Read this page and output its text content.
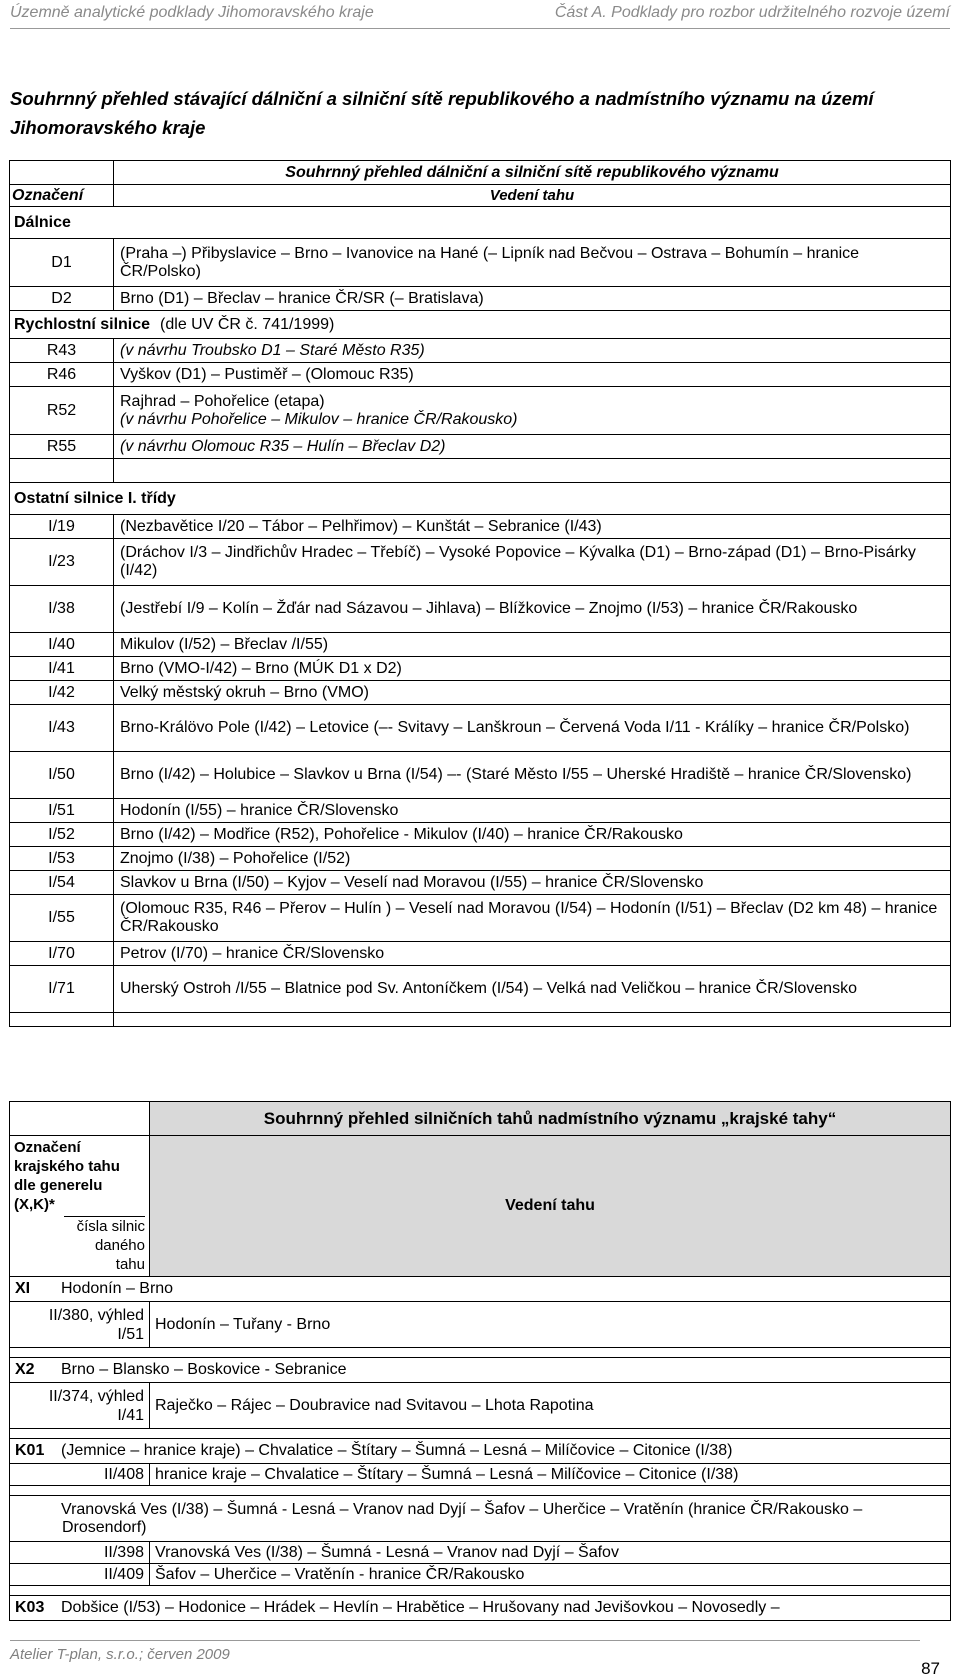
Územně analytické podklady Jihomoravského kraje	Část A. Podklady pro rozbor udržitelného rozvoje území
Souhrnný přehled stávající dálniční a silniční sítě republikového a nadmístního významu na území Jihomoravského kraje
	Souhrnný přehled dálniční a silniční sítě republikového významu
Označení	Vedení tahu
Dálnice	
D1	(Praha –) Přibyslavice – Brno – Ivanovice na Hané (– Lipník nad Bečvou – Ostrava – Bohumín – hranice ČR/Polsko)
D2	Brno (D1) – Břeclav – hranice ČR/SR (– Bratislava)
Rychlostní silnice (dle UV ČR č. 741/1999)	
R43	(v návrhu Troubsko D1 – Staré Město R35)

R46	Vyškov (D1) – Pustiměř – (Olomouc R35)

R52	Rajhrad – Pohořelice (etapa)
(v návrhu Pohořelice – Mikulov – hranice ČR/Rakousko)

R55	(v návrhu Olomouc R35 – Hulín – Břeclav D2)

Ostatní silnice I. třídy	
I/19	(Nezbavětice I/20 – Tábor – Pelhřimov) – Kunštát – Sebranice (I/43)
I/23	(Dráchov I/3 – Jindřichův Hradec – Třebíč) – Vysoké Popovice – Kývalka (D1) – Brno-západ (D1) – Brno-Pisárky (I/42)
I/38	(Jestřebí I/9 – Kolín – Žďár nad Sázavou – Jihlava) – Blížkovice – Znojmo (I/53) – hranice ČR/Rakousko
I/40	Mikulov (I/52) – Břeclav /I/55)
I/41	Brno (VMO-I/42) – Brno (MÚK D1 x D2)
I/42	Velký městský okruh – Brno (VMO)
I/43	Brno-Králövo Pole (I/42) – Letovice (–- Svitavy – Lanškroun – Červená Voda I/11 - Králíky – hranice ČR/Polsko)
I/50	Brno (I/42) – Holubice – Slavkov u Brna (I/54) –- (Staré Město I/55 – Uherské Hradiště – hranice ČR/Slovensko)
I/51	Hodonín (I/55) – hranice ČR/Slovensko
I/52	Brno (I/42) – Modřice (R52), Pohořelice - Mikulov (I/40) – hranice ČR/Rakousko
I/53	Znojmo (I/38) – Pohořelice (I/52)
I/54	Slavkov u Brna (I/50) – Kyjov – Veselí nad Moravou (I/55) – hranice ČR/Slovensko
I/55	(Olomouc R35, R46 – Přerov – Hulín ) – Veselí nad Moravou (I/54) – Hodonín (I/51) – Břeclav (D2 km 48) – hranice ČR/Rakousko
I/70	Petrov (I/70) – hranice ČR/Slovensko
I/71	Uherský Ostroh /I/55 – Blatnice pod Sv. Antoníčkem (I/54) – Velká nad Veličkou – hranice ČR/Slovensko

	Souhrnný přehled silničních tahů nadmístního významu „krajské tahy“

Označení krajského tahu dle generelu (X,K)*
čísla silnic daného tahu	Vedení tahu
XI Hodonín – Brno	
II/380, výhled I/51	Hodonín – Tuřany - Brno

X2 Brno – Blansko – Boskovice - Sebranice	
II/374, výhled I/41	Raječko – Rájec – Doubravice nad Svitavou – Lhota Rapotina

K01 (Jemnice – hranice kraje) – Chvalatice – Štítary – Šumná – Lesná – Milíčovice – Citonice (I/38)	
II/408	hranice kraje – Chvalatice – Štítary – Šumná – Lesná – Milíčovice – Citonice (I/38)

Vranovská Ves (I/38) – Šumná - Lesná – Vranov nad Dyjí – Šafov – Uherčice – Vratěnín (hranice ČR/Rakousko – Drosendorf)	
II/398	Vranovská Ves (I/38) – Šumná - Lesná – Vranov nad Dyjí – Šafov
II/409	Šafov – Uherčice – Vratěnín - hranice ČR/Rakousko

K03 Dobšice (I/53) – Hodonice – Hrádek – Hevlín – Hrabětice – Hrušovany nad Jevišovkou – Novosedly –	
Atelier T-plan, s.r.o.; červen 2009
87
